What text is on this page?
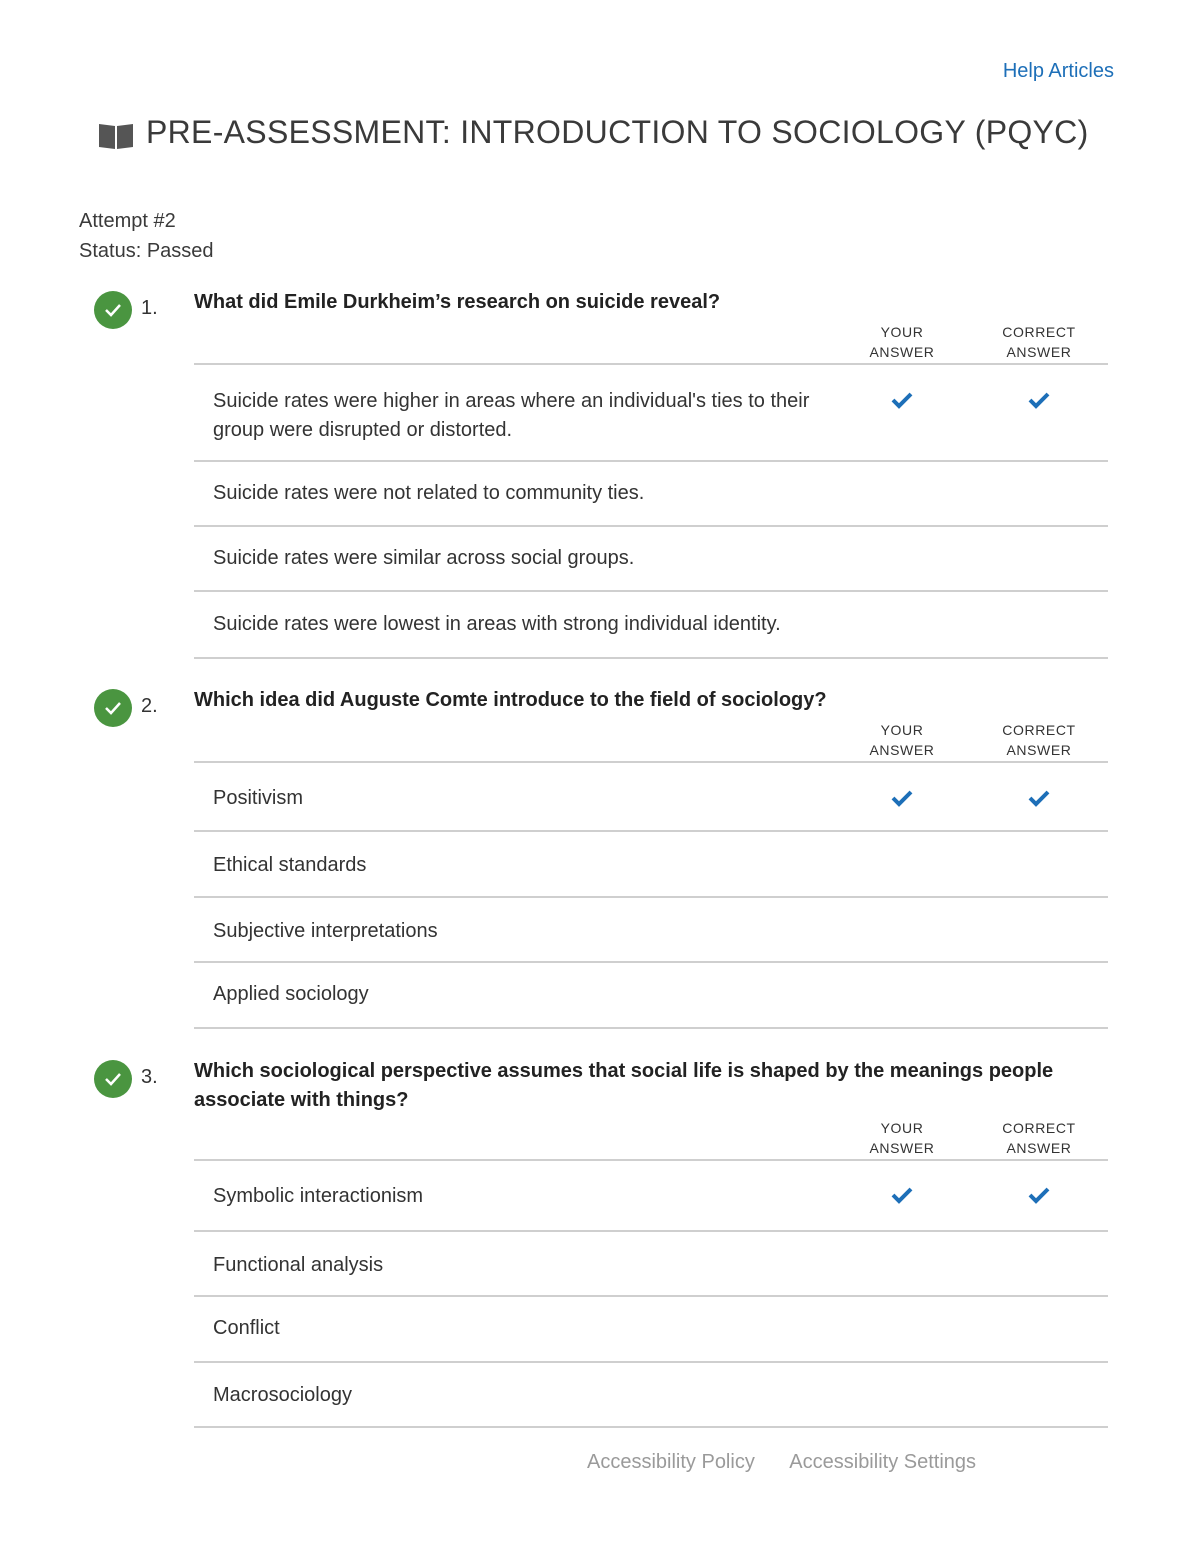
Help Articles
PRE-ASSESSMENT: INTRODUCTION TO SOCIOLOGY (PQYC)
Attempt #2
Status: Passed
1. What did Emile Durkheim’s research on suicide reveal?
YOUR
ANSWER
CORRECT
ANSWER
Suicide rates were higher in areas where an individual's ties to their group were disrupted or distorted.
Suicide rates were not related to community ties.
Suicide rates were similar across social groups.
Suicide rates were lowest in areas with strong individual identity.
2. Which idea did Auguste Comte introduce to the field of sociology?
YOUR
ANSWER
CORRECT
ANSWER
Positivism
Ethical standards
Subjective interpretations
Applied sociology
3. Which sociological perspective assumes that social life is shaped by the meanings people associate with things?
YOUR
ANSWER
CORRECT
ANSWER
Symbolic interactionism
Functional analysis
Conflict
Macrosociology
Accessibility Policy Accessibility Settings
